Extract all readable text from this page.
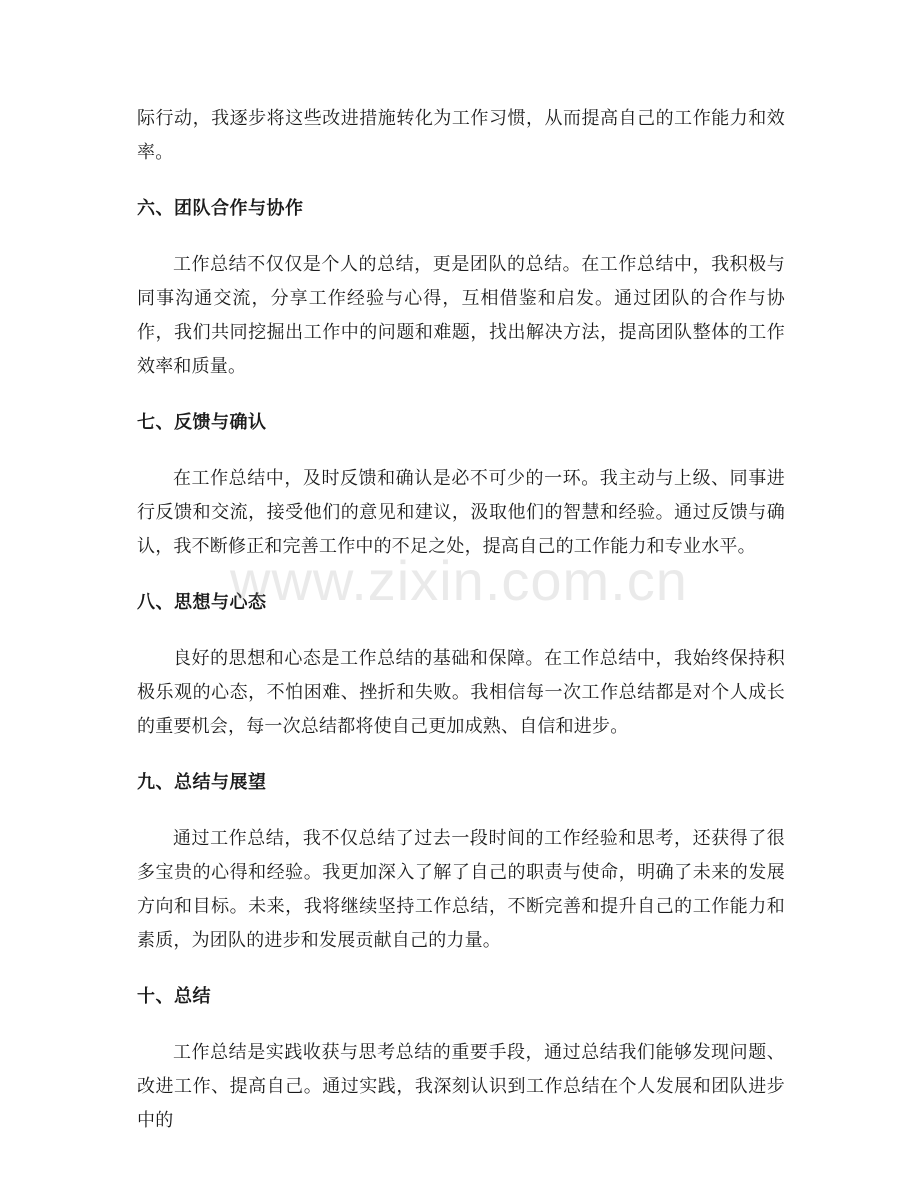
际行动，我逐步将这些改进措施转化为工作习惯，从而提高自己的工作能力和效率。

六、团队合作与协作

工作总结不仅仅是个人的总结，更是团队的总结。在工作总结中，我积极与同事沟通交流，分享工作经验与心得，互相借鉴和启发。通过团队的合作与协作，我们共同挖掘出工作中的问题和难题，找出解决方法，提高团队整体的工作效率和质量。

七、反馈与确认

在工作总结中，及时反馈和确认是必不可少的一环。我主动与上级、同事进行反馈和交流，接受他们的意见和建议，汲取他们的智慧和经验。通过反馈与确认，我不断修正和完善工作中的不足之处，提高自己的工作能力和专业水平。

八、思想与心态

良好的思想和心态是工作总结的基础和保障。在工作总结中，我始终保持积极乐观的心态，不怕困难、挫折和失败。我相信每一次工作总结都是对个人成长的重要机会，每一次总结都将使自己更加成熟、自信和进步。

九、总结与展望

通过工作总结，我不仅总结了过去一段时间的工作经验和思考，还获得了很多宝贵的心得和经验。我更加深入了解了自己的职责与使命，明确了未来的发展方向和目标。未来，我将继续坚持工作总结，不断完善和提升自己的工作能力和素质，为团队的进步和发展贡献自己的力量。

十、总结

工作总结是实践收获与思考总结的重要手段，通过总结我们能够发现问题、改进工作、提高自己。通过实践，我深刻认识到工作总结在个人发展和团队进步中的

www.zixin.com.cn
